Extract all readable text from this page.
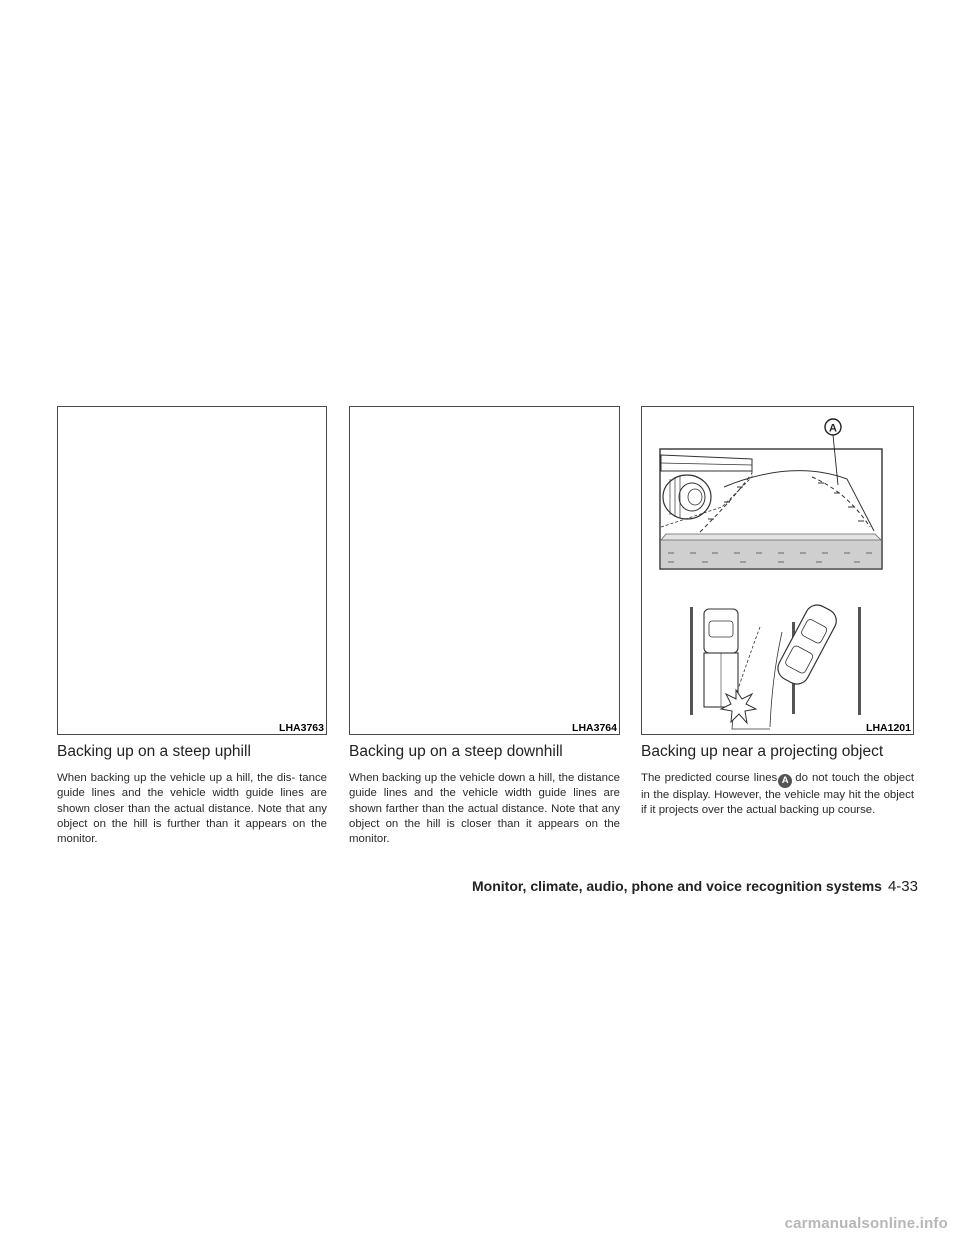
LHA3763
Backing up on a steep uphill

When backing up the vehicle up a hill, the dis- tance guide lines and the vehicle width guide lines are shown closer than the actual distance. Note that any object on the hill is further than it appears on the monitor.

LHA3764
Backing up on a steep downhill

When backing up the vehicle down a hill, the distance guide lines and the vehicle width guide lines are shown farther than the actual distance. Note that any object on the hill is closer than it appears on the monitor.

A
LHA1201
Backing up near a projecting object

The predicted course lines A do not touch the object in the display. However, the vehicle may hit the object if it projects over the actual backing up course.

Monitor, climate, audio, phone and voice recognition systems 4-33
carmanualsonline.info
